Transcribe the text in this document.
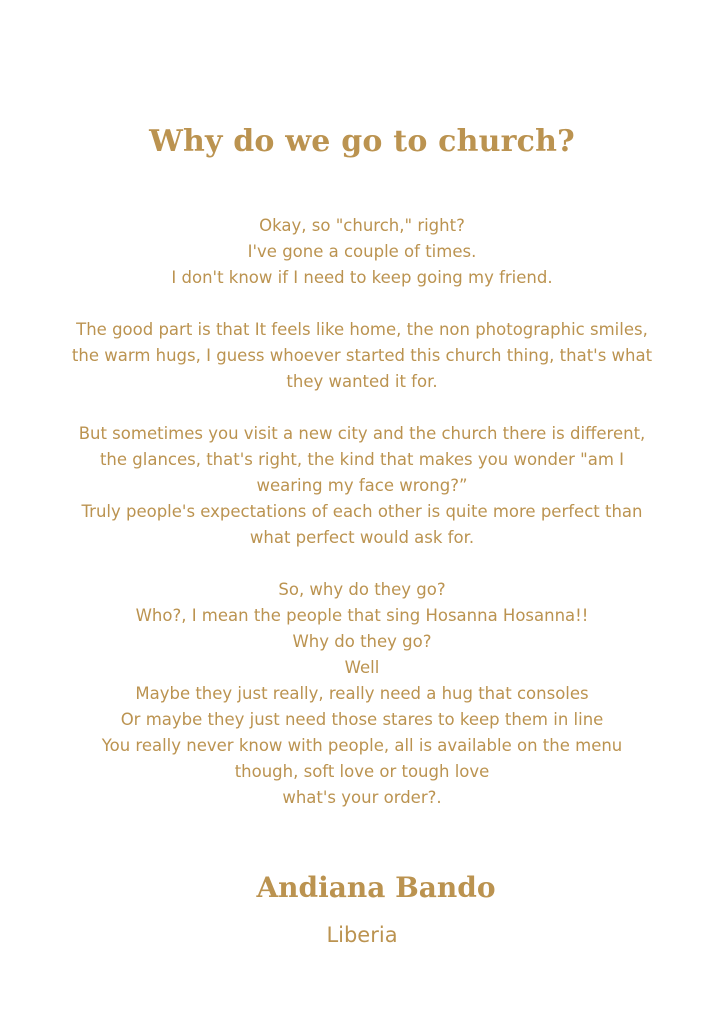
Why do we go to church?
Okay, so "church," right?
I've gone a couple of times.
I don't know if I need to keep going my friend.
The good part is that It feels like home, the non photographic smiles,
the warm hugs, I guess whoever started this church thing, that's what
they wanted it for.
But sometimes you visit a new city and the church there is different,
the glances, that's right, the kind that makes you wonder "am I
wearing my face wrong?”
Truly people's expectations of each other is quite more perfect than
what perfect would ask for.
So, why do they go?
Who?, I mean the people that sing Hosanna Hosanna!!
Why do they go?
Well
Maybe they just really, really need a hug that consoles
Or maybe they just need those stares to keep them in line
You really never know with people, all is available on the menu
though, soft love or tough love
what's your order?.
Andiana Bando
Liberia
